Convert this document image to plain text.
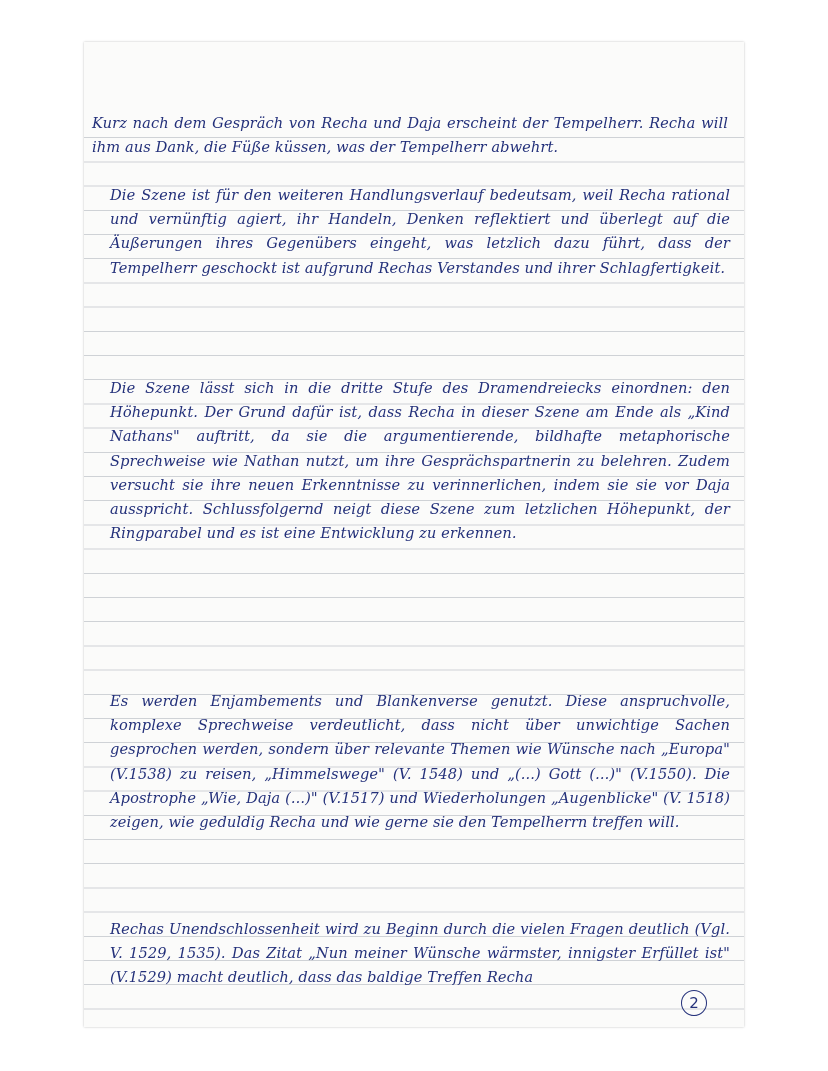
Kurz nach dem Gespräch von Recha und Daja erscheint der Tempelherr. Recha will ihm aus Dank, die Füße küssen, was der Tempelherr abwehrt.

Die Szene ist für den weiteren Handlungsverlauf bedeutsam, weil Recha rational und vernünftig agiert, ihr Handeln, Denken reflektiert und überlegt auf die Äußerungen ihres Gegenübers eingeht, was letzlich dazu führt, dass der Tempelherr geschockt ist aufgrund Rechas Verstandes und ihrer Schlagfertigkeit.

Die Szene lässt sich in die dritte Stufe des Dramendreiecks einordnen: den Höhepunkt. Der Grund dafür ist, dass Recha in dieser Szene am Ende als „Kind Nathans" auftritt, da sie die argumentierende, bildhafte metaphorische Sprechweise wie Nathan nutzt, um ihre Gesprächspartnerin zu belehren. Zudem versucht sie ihre neuen Erkenntnisse zu verinnerlichen, indem sie sie vor Daja ausspricht. Schlussfolgernd neigt diese Szene zum letzlichen Höhepunkt, der Ringparabel und es ist eine Entwicklung zu erkennen.

Es werden Enjambements und Blankenverse genutzt. Diese anspruchvolle, komplexe Sprechweise verdeutlicht, dass nicht über unwichtige Sachen gesprochen werden, sondern über relevante Themen wie Wünsche nach „Europa" (V.1538) zu reisen, „Himmelswege" (V. 1548) und „(...) Gott (...)" (V.1550). Die Apostrophe „Wie, Daja (...)" (V.1517) und Wiederholungen „Augenblicke" (V. 1518) zeigen, wie geduldig Recha und wie gerne sie den Tempelherrn treffen will.

Rechas Unendschlossenheit wird zu Beginn durch die vielen Fragen deutlich (Vgl. V. 1529, 1535). Das Zitat „Nun meiner Wünsche wärmster, innigster Erfüllet ist" (V.1529) macht deutlich, dass das baldige Treffen Recha

2
